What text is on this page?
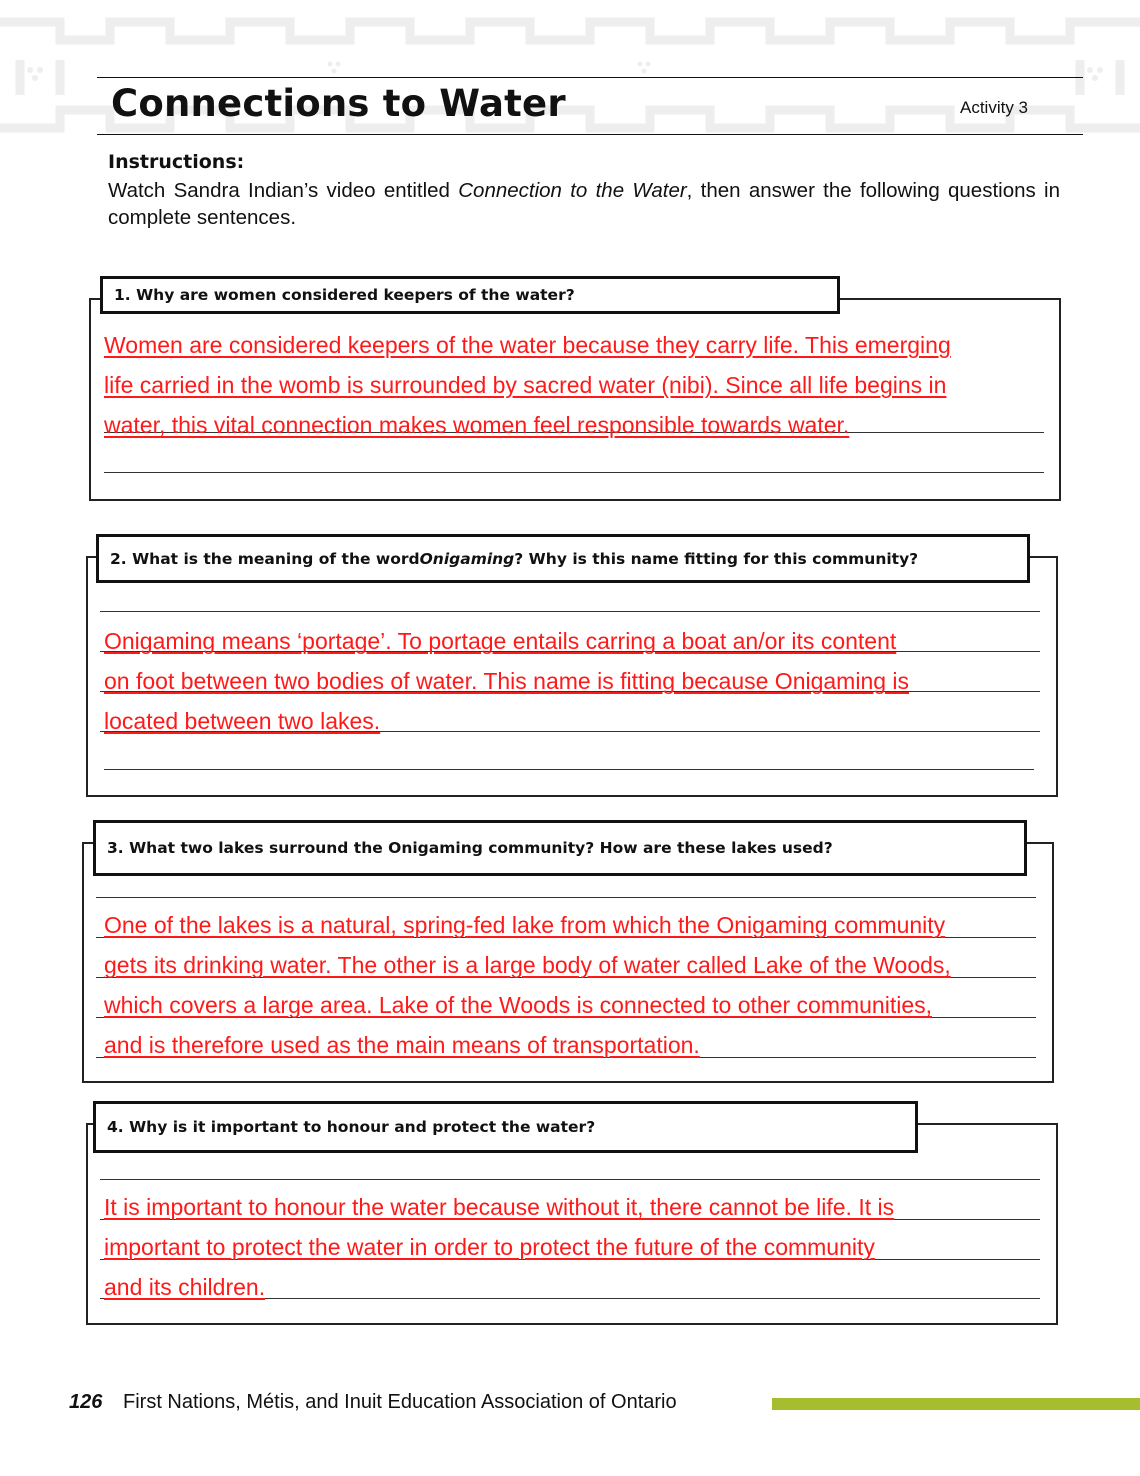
Connections to Water	Activity 3
Instructions:
Watch Sandra Indian’s video entitled Connection to the Water, then answer the following questions in complete sentences.
1. Why are women considered keepers of the water?
Women are considered keepers of the water because they carry life. This emerging
life carried in the womb is surrounded by sacred water (nibi). Since all life begins in
water, this vital connection makes women feel responsible towards water.
2. What is the meaning of the word Onigaming ? Why is this name fitting for this community?
Onigaming means ‘portage’. To portage entails carring a boat an/or its content
on foot between two bodies of water. This name is fitting because Onigaming is
located between two lakes.
3. What two lakes surround the Onigaming community? How are these lakes used?
One of the lakes is a natural, spring-fed lake from which the Onigaming community
gets its drinking water. The other is a large body of water called Lake of the Woods,
which covers a large area. Lake of the Woods is connected to other communities,
and is therefore used as the main means of transportation.
4. Why is it important to honour and protect the water?
It is important to honour the water because without it, there cannot be life. It is
important to protect the water in order to protect the future of the community
and its children.
126 First Nations, Métis, and Inuit Education Association of Ontario
